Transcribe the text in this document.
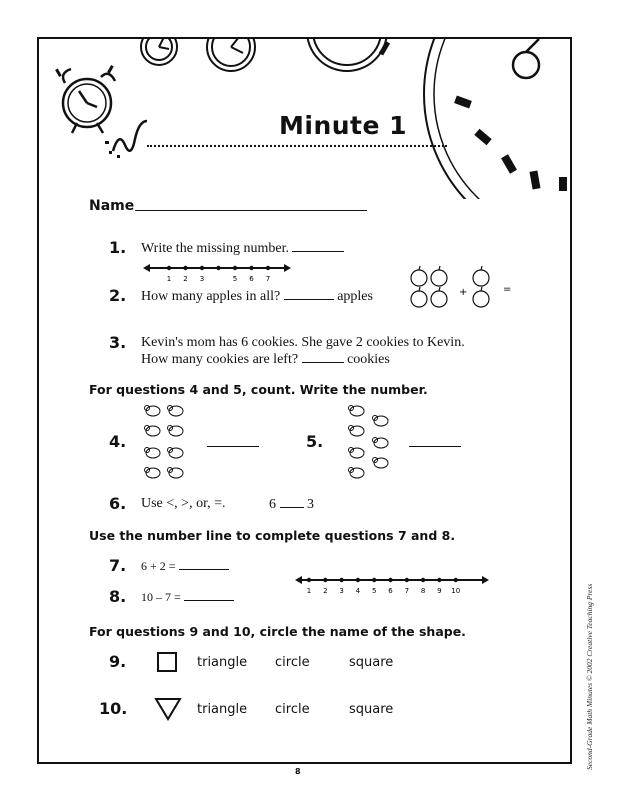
Minute 1
Name
1. Write the missing number.
1 2 3	5 6 7
2. How many apples in all?	apples	+	=
3. Kevin's mom has 6 cookies. She gave 2 cookies to Kevin.
How many cookies are left?	cookies
For questions 4 and 5, count. Write the number.
4.	5.
6. Use <, >, or, =.	6 3
Use the number line to complete questions 7 and 8.
7. 6 + 2 =
8. 10 – 7 =	1 2 3 4 5 6 7 8 9 10
For questions 9 and 10, circle the name of the shape.
9.	triangle circle	square
10.	triangle circle	square	Second-Grade Math Minutes © 2002 Creative Teaching Press
8
